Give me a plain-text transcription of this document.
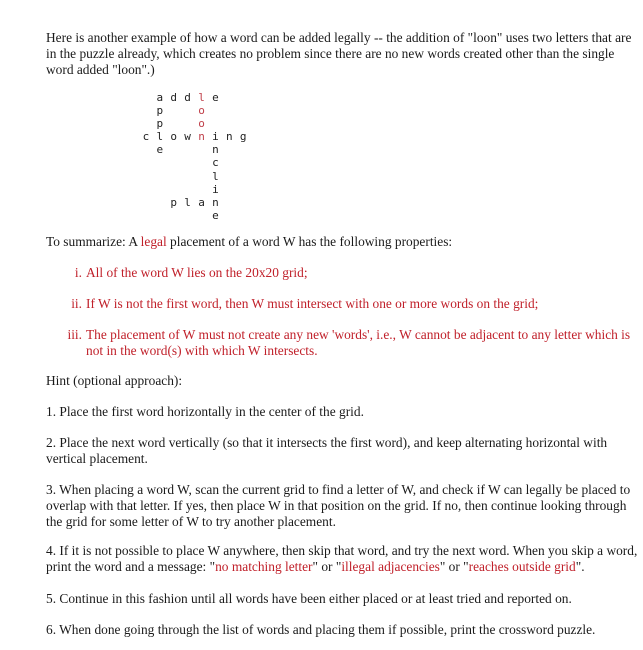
Here is another example of how a word can be added legally -- the addition of "loon" uses two letters that are in the puzzle already, which creates no problem since there are no new words created other than the single word added "loon".)

a d d l e
p	o
p	o
c l o w n i n g
e	n
c
l
i
p l a n
e

To summarize: A legal placement of a word W has the following properties:

i. All of the word W lies on the 20x20 grid;
ii. If W is not the first word, then W must intersect with one or more words on the grid;
iii. The placement of W must not create any new 'words', i.e., W cannot be adjacent to any letter which is not in the word(s) with which W intersects.

Hint (optional approach):

1. Place the first word horizontally in the center of the grid.

2. Place the next word vertically (so that it intersects the first word), and keep alternating horizontal with vertical placement.

3. When placing a word W, scan the current grid to find a letter of W, and check if W can legally be placed to overlap with that letter. If yes, then place W in that position on the grid. If no, then continue looking through the grid for some letter of W to try another placement.

4. If it is not possible to place W anywhere, then skip that word, and try the next word. When you skip a word, print the word and a message: "no matching letter" or "illegal adjacencies" or "reaches outside grid".

5. Continue in this fashion until all words have been either placed or at least tried and reported on.

6. When done going through the list of words and placing them if possible, print the crossword puzzle.
